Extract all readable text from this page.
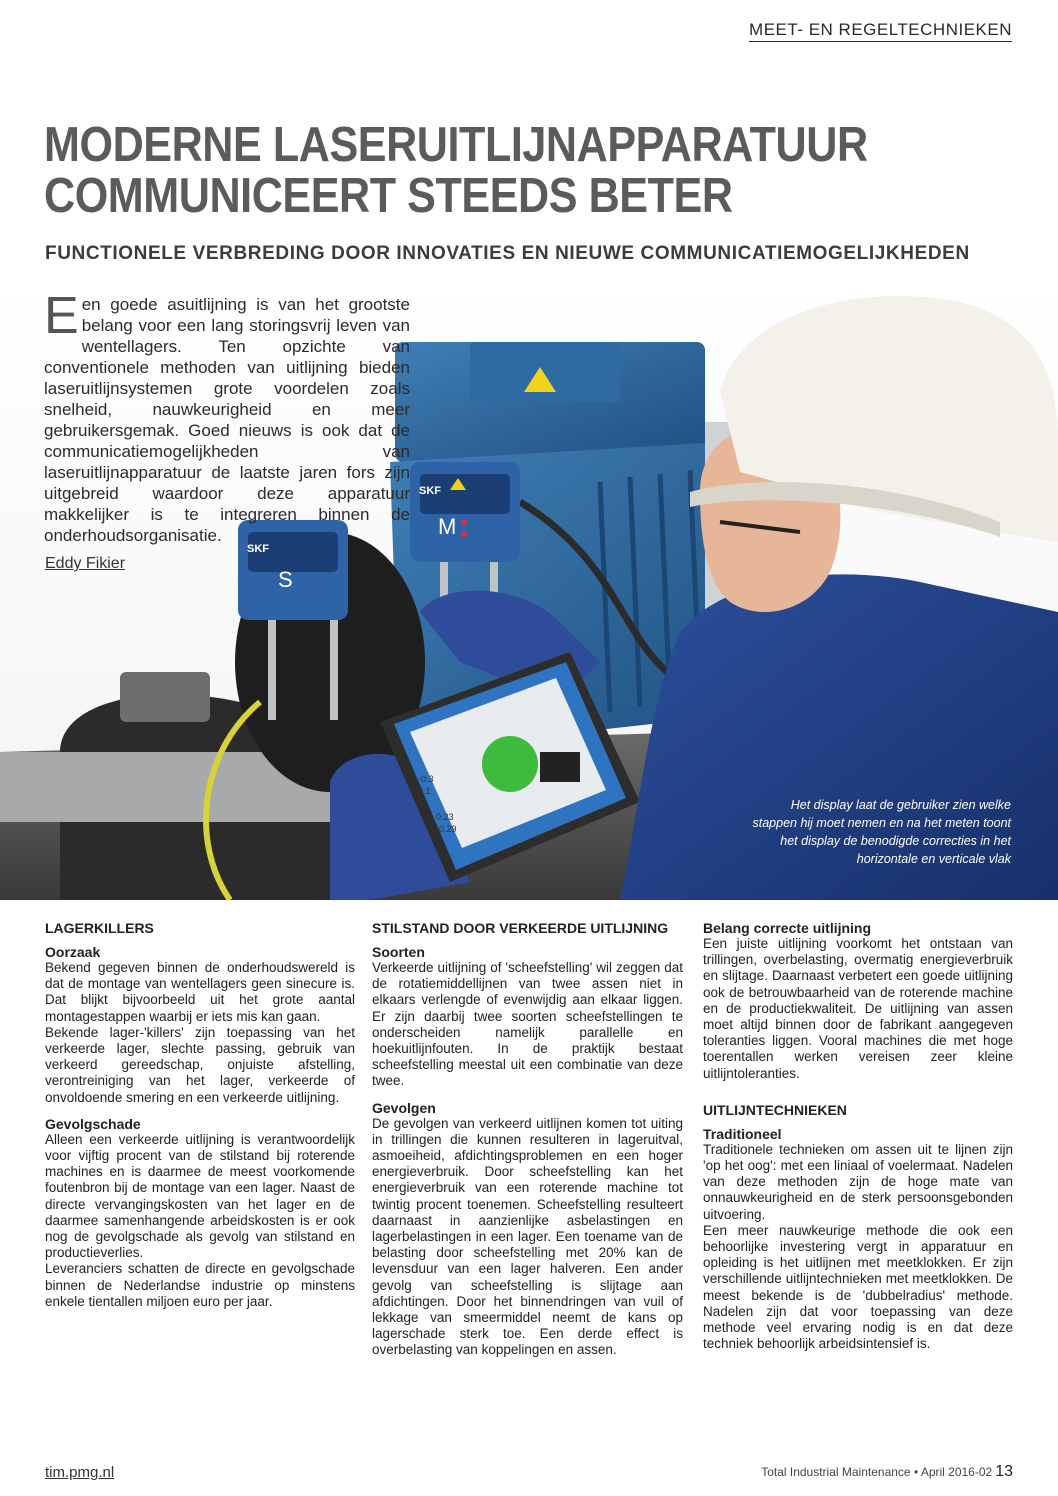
MEET- EN REGELTECHNIEKEN
MODERNE LASERUITLIJNAPPARATUUR
COMMUNICEERT STEEDS BETER
FUNCTIONELE VERBREDING DOOR INNOVATIES EN NIEUWE COMMUNICATIEMOGELIJKHEDEN
S
SKF
M
SKF
-0.3
0.1
0.23
-0.29

Een goede asuitlijning is van het grootste belang voor een lang storingsvrij leven van wentellagers. Ten opzichte van conventionele methoden van uitlijning bieden laseruitlijnsystemen grote voordelen zoals snelheid, nauwkeurigheid en meer gebruikersgemak. Goed nieuws is ook dat de communicatiemogelijkheden van laseruitlijnapparatuur de laatste jaren fors zijn uitgebreid waardoor deze apparatuur makkelijker is te integreren binnen de onderhoudsorganisatie.

Eddy Fikier

Het display laat de gebruiker zien welke stappen hij moet nemen en na het meten toont het display de benodigde correcties in het horizontale en verticale vlak

LAGERKILLERS
Oorzaak

Bekend gegeven binnen de onderhoudswereld is dat de montage van wentellagers geen sinecure is. Dat blijkt bijvoorbeeld uit het grote aantal montagestappen waarbij er iets mis kan gaan.

Bekende lager-'killers' zijn toepassing van het verkeerde lager, slechte passing, gebruik van verkeerd gereedschap, onjuiste afstelling, verontreiniging van het lager, verkeerde of onvoldoende smering en een verkeerde uitlijning.

Gevolgschade

Alleen een verkeerde uitlijning is verantwoordelijk voor vijftig procent van de stilstand bij roterende machines en is daarmee de meest voorkomende foutenbron bij de montage van een lager. Naast de directe vervangingskosten van het lager en de daarmee samenhangende arbeidskosten is er ook nog de gevolgschade als gevolg van stilstand en productieverlies.

Leveranciers schatten de directe en gevolgschade binnen de Nederlandse industrie op minstens enkele tientallen miljoen euro per jaar.

STILSTAND DOOR VERKEERDE UITLIJNING
Soorten

Verkeerde uitlijning of 'scheefstelling' wil zeggen dat de rotatiemiddellijnen van twee assen niet in elkaars verlengde of evenwijdig aan elkaar liggen. Er zijn daarbij twee soorten scheefstellingen te onderscheiden namelijk parallelle en hoekuitlijnfouten. In de praktijk bestaat scheefstelling meestal uit een combinatie van deze twee.

Gevolgen

De gevolgen van verkeerd uitlijnen komen tot uiting in trillingen die kunnen resulteren in lageruitval, asmoeiheid, afdichtingsproblemen en een hoger energieverbruik. Door scheefstelling kan het energieverbruik van een roterende machine tot twintig procent toenemen. Scheefstelling resulteert daarnaast in aanzienlijke asbelastingen en lagerbelastingen in een lager. Een toename van de belasting door scheefstelling met 20% kan de levensduur van een lager halveren. Een ander gevolg van scheefstelling is slijtage aan afdichtingen. Door het binnendringen van vuil of lekkage van smeermiddel neemt de kans op lagerschade sterk toe. Een derde effect is overbelasting van koppelingen en assen.

Belang correcte uitlijning

Een juiste uitlijning voorkomt het ontstaan van trillingen, overbelasting, overmatig energieverbruik en slijtage. Daarnaast verbetert een goede uitlijning ook de betrouwbaarheid van de roterende machine en de productiekwaliteit. De uitlijning van assen moet altijd binnen door de fabrikant aangegeven toleranties liggen. Vooral machines die met hoge toerentallen werken vereisen zeer kleine uitlijntoleranties.

UITLIJNTECHNIEKEN
Traditioneel

Traditionele technieken om assen uit te lijnen zijn 'op het oog': met een liniaal of voelermaat. Nadelen van deze methoden zijn de hoge mate van onnauwkeurigheid en de sterk persoonsgebonden uitvoering.

Een meer nauwkeurige methode die ook een behoorlijke investering vergt in apparatuur en opleiding is het uitlijnen met meetklokken. Er zijn verschillende uitlijntechnieken met meetklokken. De meest bekende is de 'dubbelradius' methode. Nadelen zijn dat voor toepassing van deze methode veel ervaring nodig is en dat deze techniek behoorlijk arbeidsintensief is.

tim.pmg.nl	Total Industrial Maintenance • April 2016-02 13
